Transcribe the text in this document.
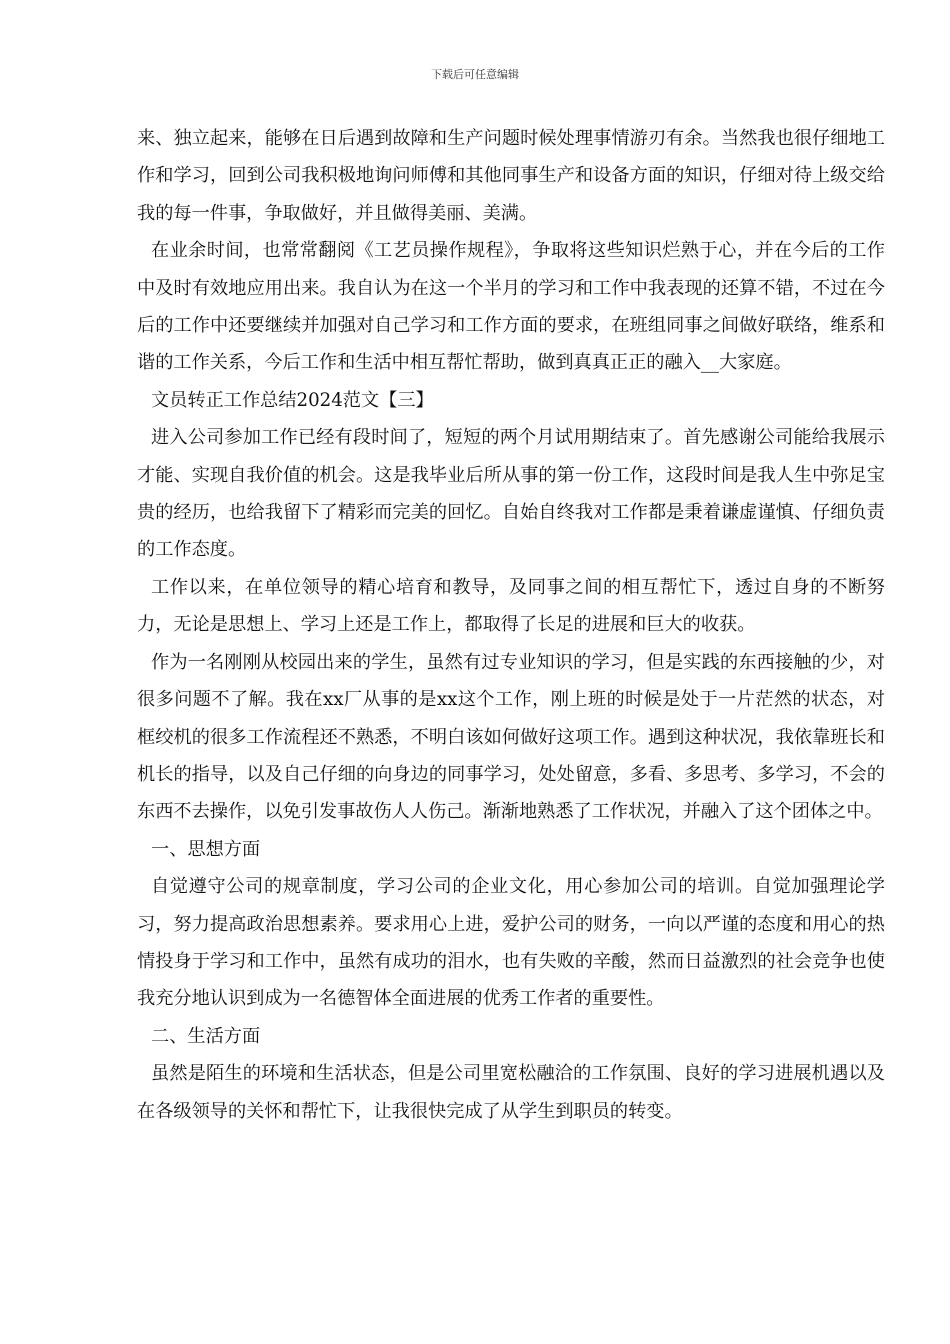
下载后可任意编辑

来、独立起来，能够在日后遇到故障和生产问题时候处理事情游刃有余。当然我也很仔细地工作和学习，回到公司我积极地询问师傅和其他同事生产和设备方面的知识，仔细对待上级交给我的每一件事，争取做好，并且做得美丽、美满。

在业余时间，也常常翻阅《工艺员操作规程》，争取将这些知识烂熟于心，并在今后的工作中及时有效地应用出来。我自认为在这一个半月的学习和工作中我表现的还算不错，不过在今后的工作中还要继续并加强对自己学习和工作方面的要求，在班组同事之间做好联络，维系和谐的工作关系，今后工作和生活中相互帮忙帮助，做到真真正正的融入__大家庭。

文员转正工作总结2024范文【三】

进入公司参加工作已经有段时间了，短短的两个月试用期结束了。首先感谢公司能给我展示才能、实现自我价值的机会。这是我毕业后所从事的第一份工作，这段时间是我人生中弥足宝贵的经历，也给我留下了精彩而完美的回忆。自始自终我对工作都是秉着谦虚谨慎、仔细负责的工作态度。

工作以来，在单位领导的精心培育和教导，及同事之间的相互帮忙下，透过自身的不断努力，无论是思想上、学习上还是工作上，都取得了长足的进展和巨大的收获。

作为一名刚刚从校园出来的学生，虽然有过专业知识的学习，但是实践的东西接触的少，对很多问题不了解。我在xx厂从事的是xx这个工作，刚上班的时候是处于一片茫然的状态，对框绞机的很多工作流程还不熟悉，不明白该如何做好这项工作。遇到这种状况，我依靠班长和机长的指导，以及自己仔细的向身边的同事学习，处处留意，多看、多思考、多学习，不会的东西不去操作，以免引发事故伤人人伤己。渐渐地熟悉了工作状况，并融入了这个团体之中。

一、思想方面

自觉遵守公司的规章制度，学习公司的企业文化，用心参加公司的培训。自觉加强理论学习，努力提高政治思想素养。要求用心上进，爱护公司的财务，一向以严谨的态度和用心的热情投身于学习和工作中，虽然有成功的泪水，也有失败的辛酸，然而日益激烈的社会竞争也使我充分地认识到成为一名德智体全面进展的优秀工作者的重要性。

二、生活方面

虽然是陌生的环境和生活状态，但是公司里宽松融洽的工作氛围、良好的学习进展机遇以及在各级领导的关怀和帮忙下，让我很快完成了从学生到职员的转变。
